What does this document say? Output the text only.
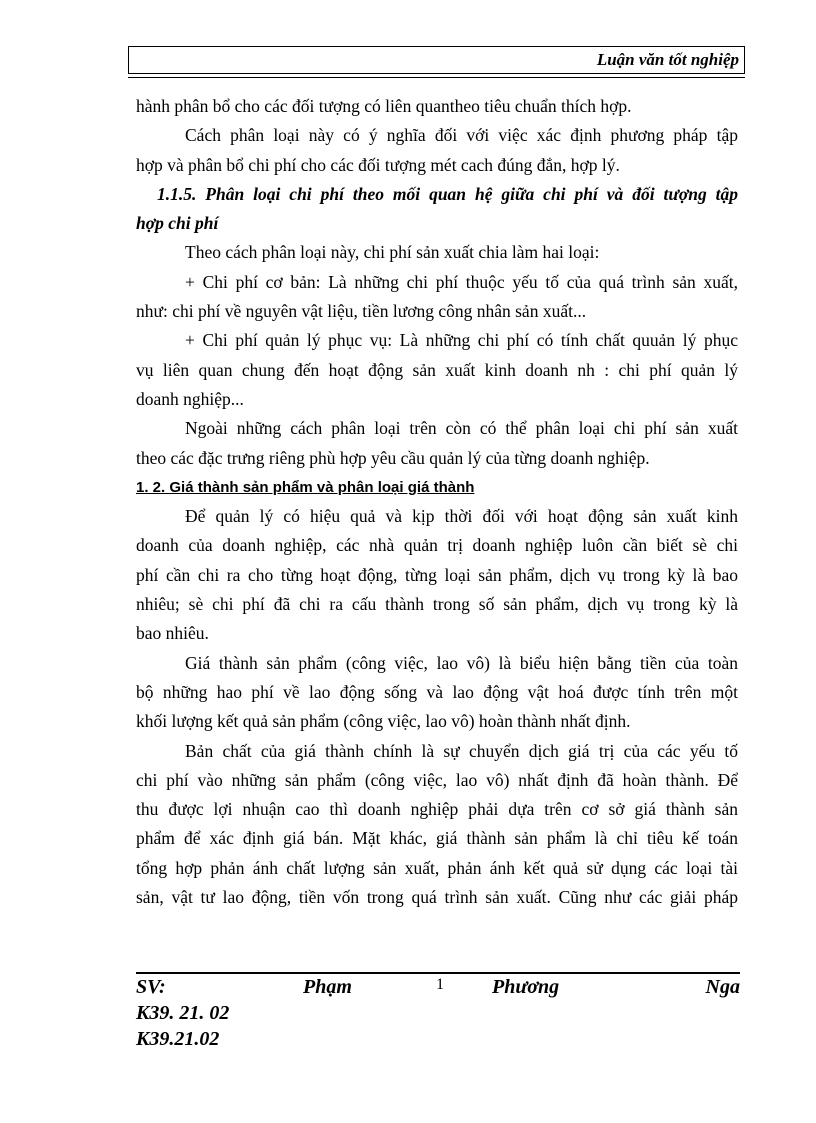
Luận văn tốt nghiệp
hành phân bổ cho các đối tượng có liên quantheo tiêu chuẩn thích hợp.
Cách phân loại này có ý nghĩa đối với việc xác định phương pháp tập
hợp và phân bổ chi phí cho các đối tượng mét cach đúng đắn, hợp lý.
1.1.5. Phân loại chi phí theo mối quan hệ giữa chi phí và đối tượng tập
hợp chi phí
Theo cách phân loại này, chi phí sản xuất chia làm hai loại:
+ Chi phí cơ bản: Là những chi phí thuộc yếu tố của quá trình sản xuất,
như: chi phí về nguyên vật liệu, tiền lương công nhân sản xuất...
+ Chi phí quản lý phục vụ: Là những chi phí có tính chất quuản lý phục
vụ liên quan chung đến hoạt động sản xuất kinh doanh nh : chi phí quản lý
doanh nghiệp...
Ngoài những cách phân loại trên còn có thể phân loại chi phí sản xuất
theo các đặc trưng riêng phù hợp yêu cầu quản lý của từng doanh nghiệp.
1. 2. Giá thành sản phẩm và phân loại giá thành
Để quản lý có hiệu quả và kịp thời đối với hoạt động sản xuất kinh
doanh của doanh nghiệp, các nhà quản trị doanh nghiệp luôn cần biết sè chi
phí cần chi ra cho từng hoạt động, từng loại sản phẩm, dịch vụ trong kỳ là bao
nhiêu; sè chi phí đã chi ra cấu thành trong số sản phẩm, dịch vụ trong kỳ là
bao nhiêu.
Giá thành sản phẩm (công việc, lao vô) là biểu hiện bằng tiền của toàn
bộ những hao phí về lao động sống và lao động vật hoá được tính trên một
khối lượng kết quả sản phẩm (công việc, lao vô) hoàn thành nhất định.
Bản chất của giá thành chính là sự chuyển dịch giá trị của các yếu tố
chi phí vào những sản phẩm (công việc, lao vô) nhất định đã hoàn thành. Để
thu được lợi nhuận cao thì doanh nghiệp phải dựa trên cơ sở giá thành sản
phẩm để xác định giá bán. Mặt khác, giá thành sản phẩm là chỉ tiêu kế toán
tổng hợp phản ánh chất lượng sản xuất, phản ánh kết quả sử dụng các loại tài
sản, vật tư lao động, tiền vốn trong quá trình sản xuất. Cũng như các giải pháp
SV:	Phạm	1 Phương	Nga
K39. 21. 02
K39.21.02
